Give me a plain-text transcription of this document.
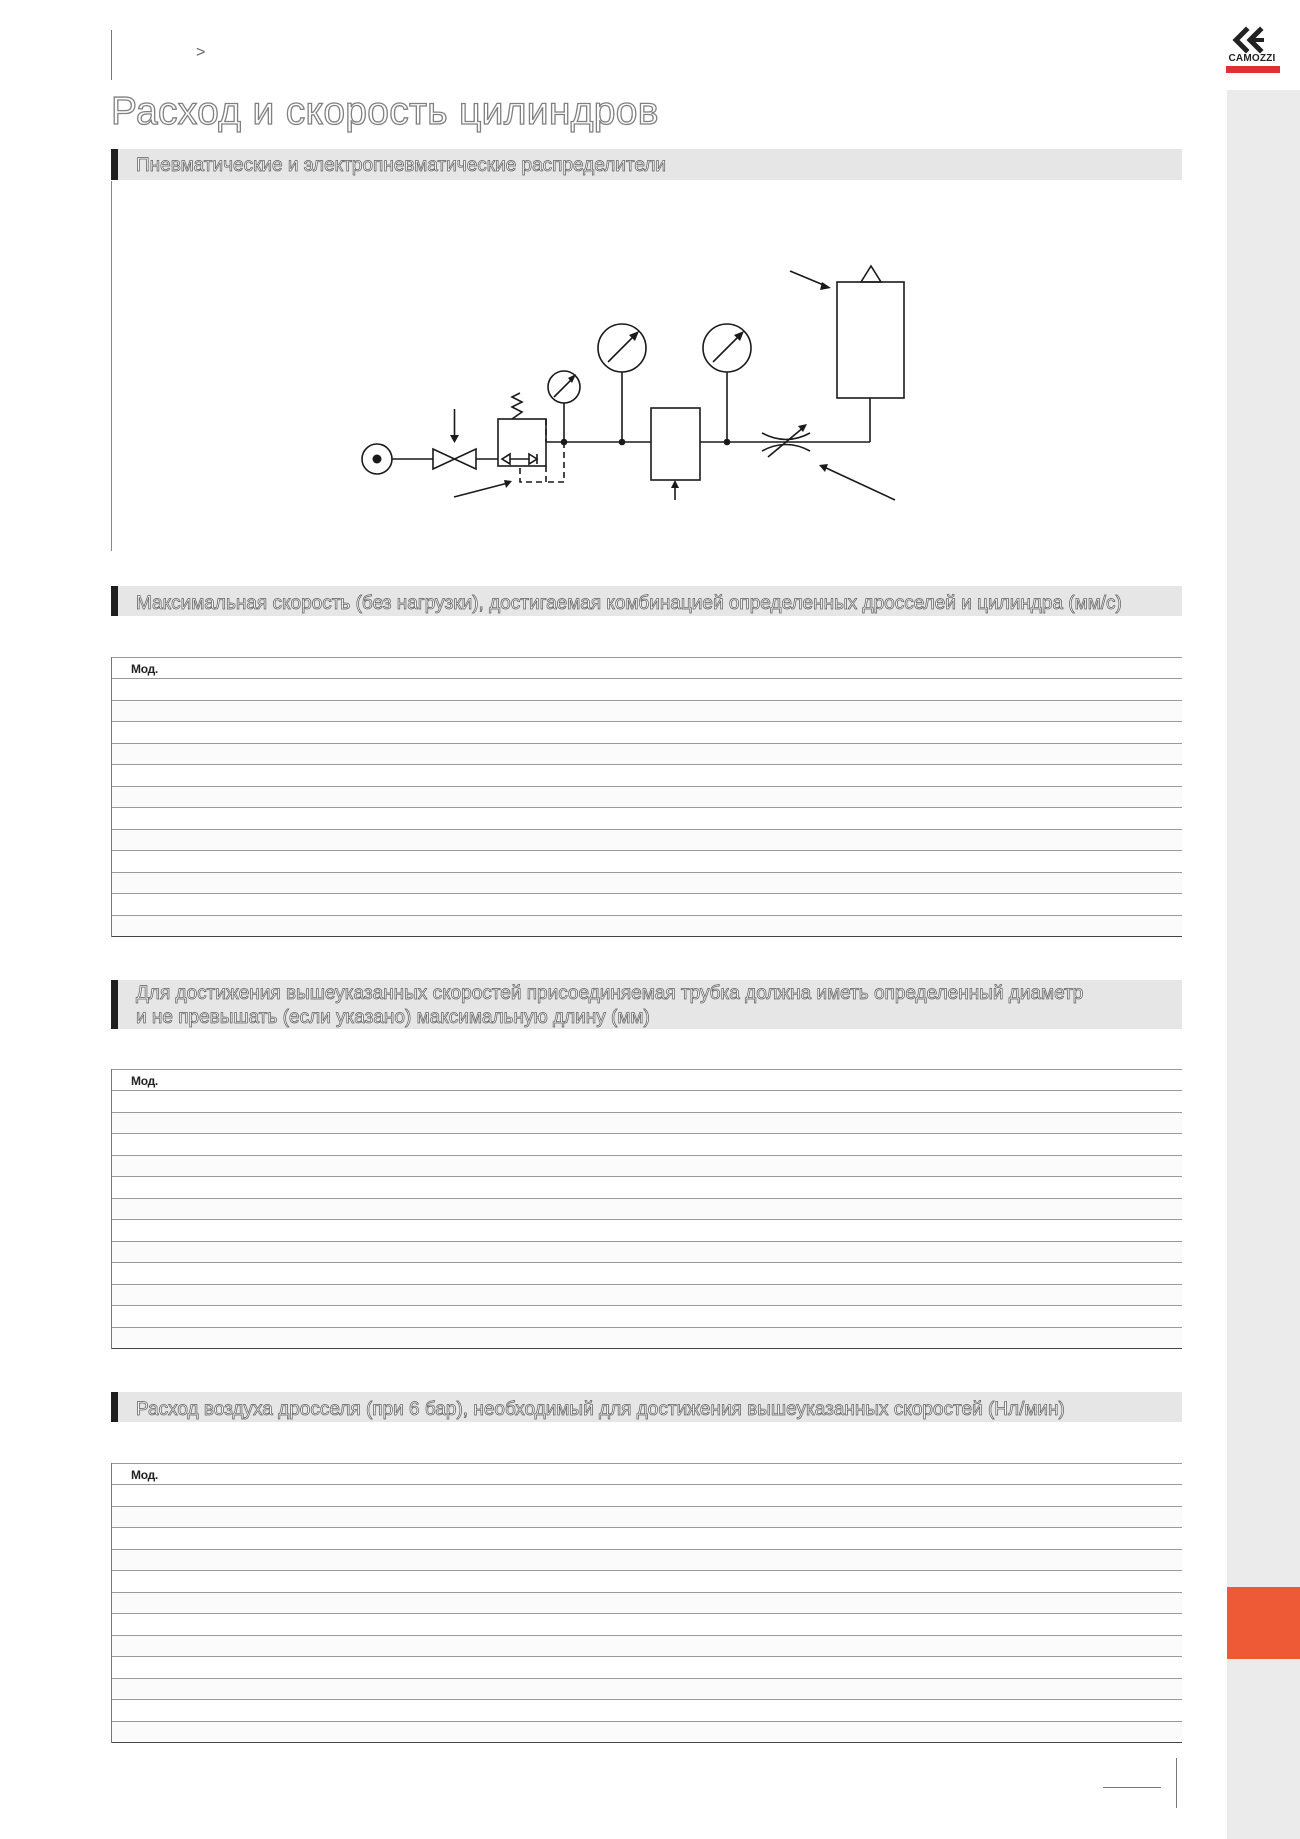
CAMOZZI
>
Расход и скорость цилиндров
Пневматические и электропневматические распределители
Максимальная скорость (без нагрузки), достигаемая комбинацией определенных дросселей и цилиндра (мм/с)
Мод.
Для достижения вышеуказанных скоростей присоединяемая трубка должна иметь определенный диаметр
и не превышать (если указано) максимальную длину (мм)
Мод.
Расход воздуха дросселя (при 6 бар), необходимый для достижения вышеуказанных скоростей (Нл/мин)
Мод.
